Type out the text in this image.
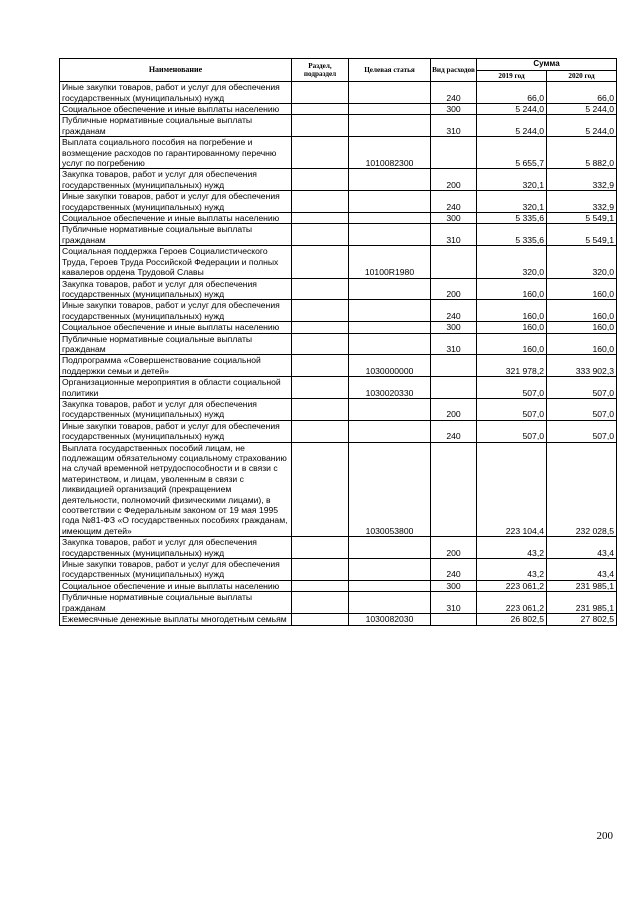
Наименование	Раздел, подраздел	Целевая статья	Вид расходов	Сумма	
				2019 год	2020 год
Иные закупки товаров, работ и услуг для обеспечения государственных (муниципальных) нужд			240	66,0	66,0
Социальное обеспечение и иные выплаты населению			300	5 244,0	5 244,0
Публичные нормативные социальные выплаты гражданам			310	5 244,0	5 244,0
Выплата социального пособия на погребение и возмещение расходов по гарантированному перечню услуг по погребению		1010082300		5 655,7	5 882,0
Закупка товаров, работ и услуг для обеспечения государственных (муниципальных) нужд			200	320,1	332,9
Иные закупки товаров, работ и услуг для обеспечения государственных (муниципальных) нужд			240	320,1	332,9
Социальное обеспечение и иные выплаты населению			300	5 335,6	5 549,1
Публичные нормативные социальные выплаты гражданам			310	5 335,6	5 549,1
Социальная поддержка Героев Социалистического Труда, Героев Труда Российской Федерации и полных кавалеров ордена Трудовой Славы		10100R1980		320,0	320,0
Закупка товаров, работ и услуг для обеспечения государственных (муниципальных) нужд			200	160,0	160,0
Иные закупки товаров, работ и услуг для обеспечения государственных (муниципальных) нужд			240	160,0	160,0
Социальное обеспечение и иные выплаты населению			300	160,0	160,0
Публичные нормативные социальные выплаты гражданам			310	160,0	160,0
Подпрограмма «Совершенствование социальной поддержки семьи и детей»		1030000000		321 978,2	333 902,3
Организационные мероприятия в области социальной политики		1030020330		507,0	507,0
Закупка товаров, работ и услуг для обеспечения государственных (муниципальных) нужд			200	507,0	507,0
Иные закупки товаров, работ и услуг для обеспечения государственных (муниципальных) нужд			240	507,0	507,0
Выплата государственных пособий лицам, не подлежащим обязательному социальному страхованию на случай временной нетрудоспособности и в связи с материнством, и лицам, уволенным в связи с ликвидацией организаций (прекращением деятельности, полномочий физическими лицами), в соответствии с Федеральным законом от 19 мая 1995 года №81-ФЗ «О государственных пособиях гражданам, имеющим детей»		1030053800		223 104,4	232 028,5
Закупка товаров, работ и услуг для обеспечения государственных (муниципальных) нужд			200	43,2	43,4
Иные закупки товаров, работ и услуг для обеспечения государственных (муниципальных) нужд			240	43,2	43,4
Социальное обеспечение и иные выплаты населению			300	223 061,2	231 985,1
Публичные нормативные социальные выплаты гражданам			310	223 061,2	231 985,1
Ежемесячные денежные выплаты многодетным семьям		1030082030		26 802,5	27 802,5
200
